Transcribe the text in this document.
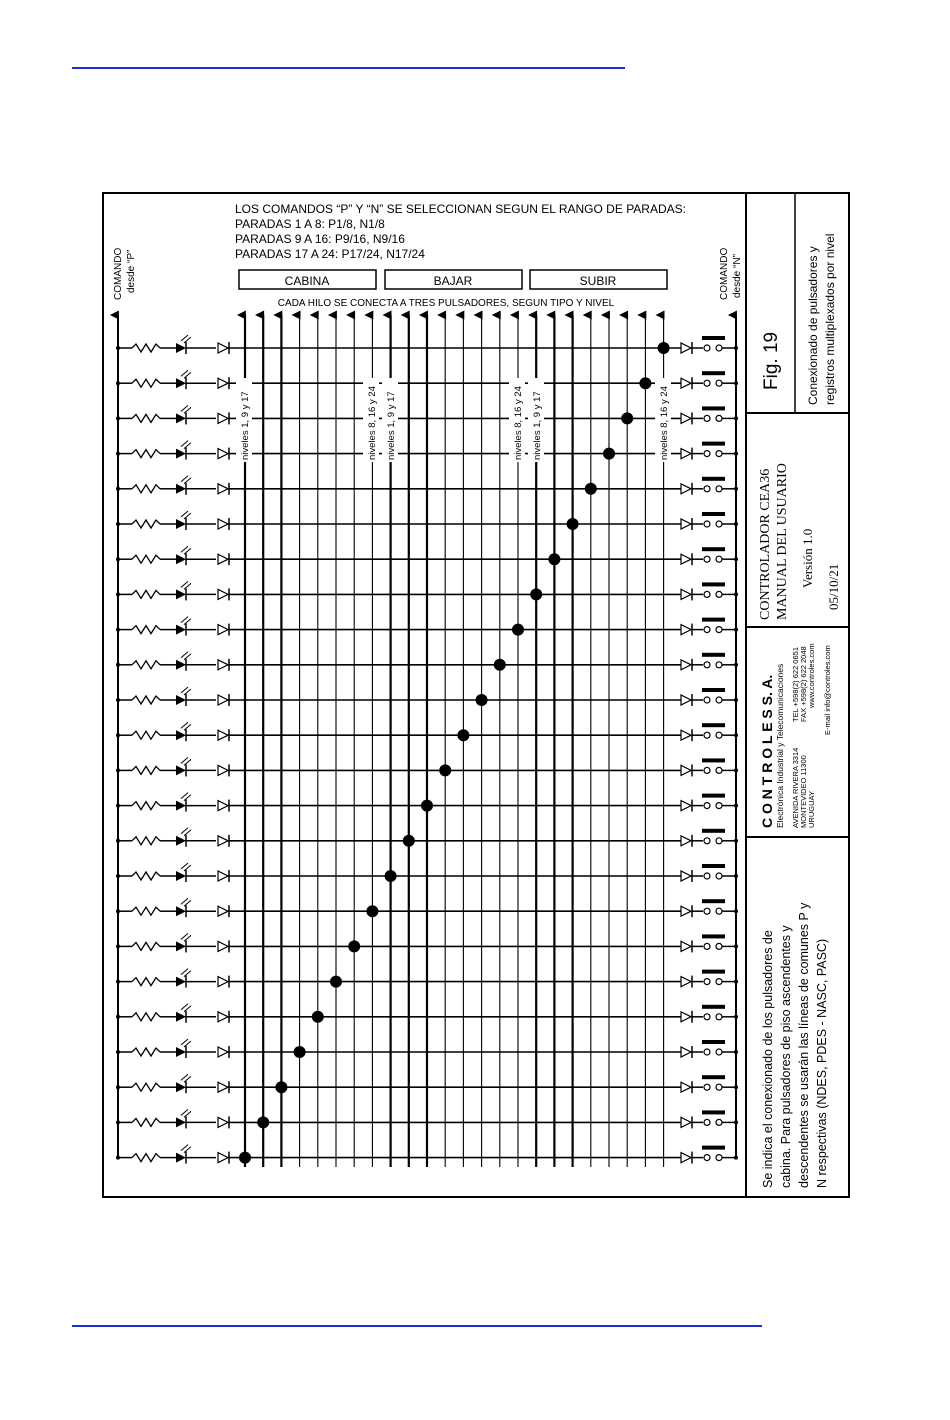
LOS COMANDOS “P” Y “N” SE SELECCIONAN SEGUN EL RANGO DE PARADAS:
PARADAS 1 A 8: P1/8, N1/8
PARADAS 9 A 16: P9/16, N9/16
PARADAS 17 A 24: P17/24, N17/24
CABINA	BAJAR	SUBIR
CADA HILO SE CONECTA A TRES PULSADORES, SEGUN TIPO Y NIVEL
COMANDO desde “P”	COMANDO desde “N”
niveles 1, 9 y 17	niveles 8, 16 y 24 niveles 1, 9 y 17	niveles 8, 16 y 24 niveles 1, 9 y 17	niveles 8, 16 y 24
Fig. 19 Conexionado de pulsadores y registros multiplexados por nivel
CONTROLADOR CEA36 MANUAL DEL USUARIO Versión 1.0 05/10/21
C O N T R O L E S S. A. Electrónica Industrial y Telecomunicaciones AVENIDA RIVERA 3314 MONTEVIDEO 11300 URUGUAY
TEL +598(2) 622 0651 FAX +598(2) 622 2048 www.controles.com E-mail info@controles.com
Se indica el conexionado de los pulsadores de cabina. Para pulsadores de piso ascendentes y descendentes se usarán las líneas de comunes P y N respectivas (NDES, PDES - NASC, PASC)
